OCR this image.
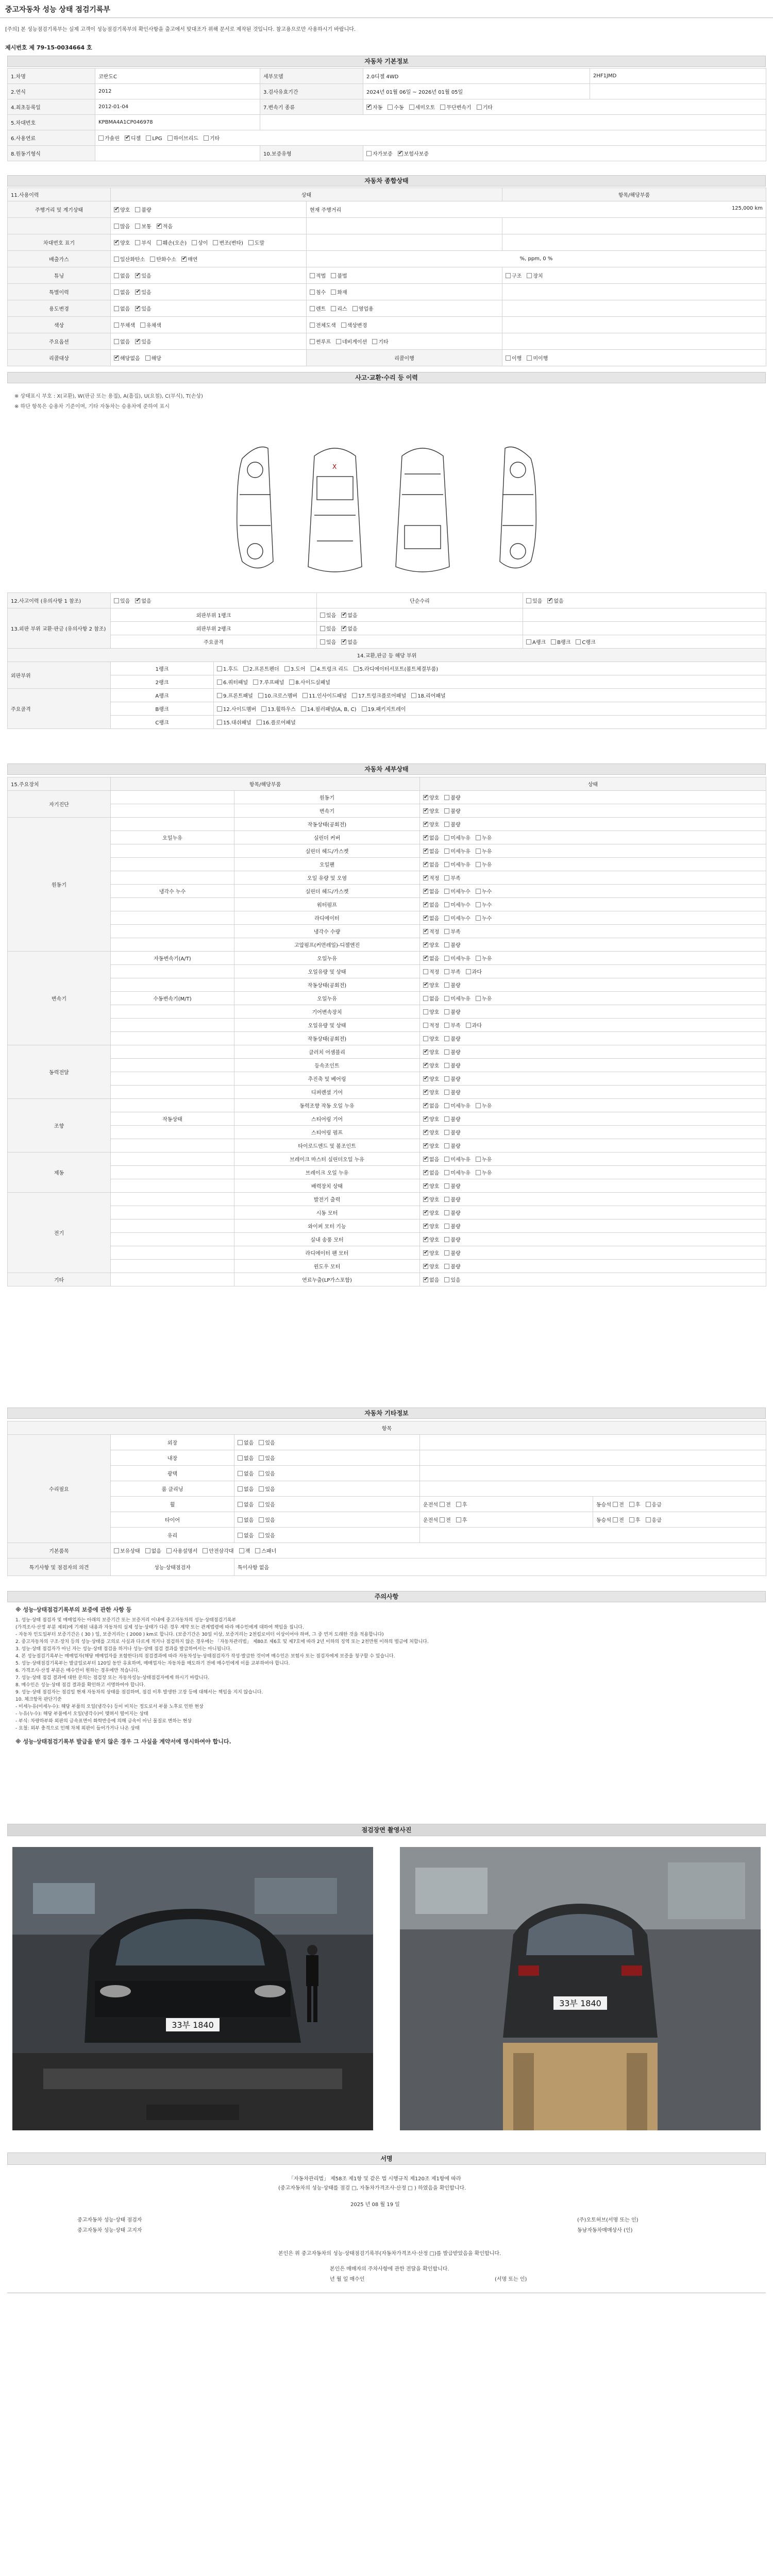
중고자동차 성능 상태 점검기록부
[주의] 본 성능점검기록부는 실제 고객이 성능점검기록부의 확인사항을 출고에서 맞대조가 위해 문서로 제작된 것입니다. 참고용으로만 사용하시기 바랍니다.
제시번호 제 79-15-0034664 호
자동차 기본정보
1.차명	코란도C	세부모델	2.0디젤 4WD	2HF1JMD
2.연식	2012	3.검사유효기간	2024년 01월 06일 ~ 2026년 01월 05일	
4.최초등록일	2012-01-04	7.변속기 종류	✔자동 수동 세미오토 무단변속기 기타
5.차대번호	KPBMA4A1CP046978			
6.사용연료	가솔린 ✔ 디젤 LPG 하이브리드 기타
8.원동기형식		10.보증유형	자가보증 ✔ 보험사보증
자동차 종합상태
11.사용이력	상태		항목/해당부품
주행거리 및 계기상태	✔양호 불량	현재 주행거리 125,000 km	

	많음 보통 ✔ 적음		
차대번호 표기	✔양호 부식 훼손(오손) 상이 변조(변타) 도말		
배출가스	일산화탄소 탄화수소 ✔ 매연	%, ppm, 0 %	
튜닝	없음 ✔ 있음	적법 불법	구조 장치
특별이력	없음 ✔ 있음	침수 화재	
용도변경	없음 ✔ 있음	렌트 리스 영업용	
색상	무채색 유채색	전체도색 색상변경	
주요옵션	없음 ✔ 있음	썬루프 네비게이션 기타	
리콜대상	✔해당없음 해당	리콜이행	이행 미이행
사고·교환·수리 등 이력
※ 상태표시 부호 : X(교환), W(판금 또는 용접), A(흠집), U(요철), C(부식), T(손상)
※ 하단 항목은 승용차 기준이며, 기타 자동차는 승용차에 준하여 표시
X
12.사고이력 (유의사항 1 참조)	있음 ✔ 없음		단순수리	있음 ✔ 없음
13.외판 부위 교환·판금 (유의사항 2 참조)	외판부위 1랭크		있음 ✔ 없음	
	외판부위 2랭크		있음 ✔ 없음	
	주요골격		있음 ✔ 없음	A랭크 B랭크 C랭크
14.교환,판금 등 해당 부위				
외판부위	1랭크	1.후드 2.프론트펜더 3.도어 4.트렁크 리드 5.라디에이터서포트(볼트체결부품)		
	2랭크	6.쿼터패널 7.루프패널 8.사이드실패널		
주요골격	A랭크	9.프론트패널 10.크로스멤버 11.인사이드패널 17.트렁크플로어패널 18.리어패널		
	B랭크	12.사이드멤버 13.휠하우스 14.필러패널(A, B, C) 19.패키지트레이		
	C랭크	15.대쉬패널 16.플로어패널		
자동차 세부상태
15.주요장치	항목/해당부품		상태
자기진단		원동기	✔양호 불량
		변속기	✔양호 불량
원동기		작동상태(공회전)	✔양호 불량
	오일누유	실린더 커버	✔없음 미세누유 누유
		실린더 헤드/가스켓	✔없음 미세누유 누유
		오일팬	✔없음 미세누유 누유
		오일 유량 및 오염	✔적정 부족
	냉각수 누수	실린더 헤드/가스켓	✔없음 미세누수 누수
		워터펌프	✔없음 미세누수 누수
		라디에이터	✔없음 미세누수 누수
		냉각수 수량	✔적정 부족
		고압펌프(커먼레일)-디젤엔진	✔양호 불량
변속기	자동변속기(A/T)	오일누유	✔없음 미세누유 누유
		오일유량 및 상태	적정 부족 과다
		작동상태(공회전)	✔양호 불량
	수동변속기(M/T)	오일누유	없음 미세누유 누유
		기어변속장치	양호 불량
		오일유량 및 상태	적정 부족 과다
		작동상태(공회전)	양호 불량
동력전달		클러치 어셈블리	✔양호 불량
		등속조인트	✔양호 불량
		추진축 및 베어링	✔양호 불량
		디퍼렌셜 기어	✔양호 불량
조향		동력조향 작동 오일 누유	✔없음 미세누유 누유
	작동상태	스티어링 기어	✔양호 불량
		스티어링 펌프	✔양호 불량
		타이로드엔드 및 볼조인트	✔양호 불량
제동		브레이크 마스터 실린더오일 누유	✔없음 미세누유 누유
		브레이크 오일 누유	✔없음 미세누유 누유
		배력장치 상태	✔양호 불량
전기		발전기 출력	✔양호 불량
		시동 모터	✔양호 불량
		와이퍼 모터 기능	✔양호 불량
		실내 송풍 모터	✔양호 불량
		라디에이터 팬 모터	✔양호 불량
		윈도우 모터	✔양호 불량
기타		연료누출(LP가스포함)	✔없음 있음
자동차 기타정보
항목				
수리필요	외장	없음 있음		
	내장	없음 있음		
	광택	없음 있음		
	룸 클리닝	없음 있음		
	휠	없음 있음	운전석 전 후	동승석 전 후 응급
	타이어	없음 있음	운전석 전 후	동승석 전 후 응급
	유리	없음 있음		
기본품목	보유상태 없음 사용설명서 안전삼각대 잭 스패너			
특기사항 및 점검자의 의견	성능·상태점검자	특이사항 없음		
주의사항
※ 성능·상태점검기록부의 보증에 관한 사항 등
1. 성능·상태 점검자 및 매매업자는 아래의 보증기간 또는 보증거리 이내에 중고자동차의 성능·상태점검기록부
(가격조사·산정 부분 제외)에 기재된 내용과 자동차의 실제 성능·상태가 다른 경우 계약 또는 관계법령에 따라 매수인에게 대하여 책임을 집니다.
- 자동차 인도일부터 보증기간은 ( 30 ) 일, 보증거리는 ( 2000 ) km로 합니다. (보증기간은 30일 이상, 보증거리는 2천킬로미터 이상이어야 하며, 그 중 먼저 도래한 것을 적용합니다)
2. 중고자동차의 구조·장치 등의 성능·상태를 고의로 사실과 다르게 적거나 점검하지 않은 경우에는 「자동차관리법」 제80조 제6호 및 제7호에 따라 2년 이하의 징역 또는 2천만원 이하의 벌금에 처합니다.
3. 성능·상태 점검자가 아닌 자는 성능·상태 점검을 하거나 성능·상태 점검 결과를 발급하여서는 아니됩니다.
4. 본 성능점검기록부는 매매업자(해당 매매업자를 포함한다)의 점검결과에 따라 자동차성능·상태점검자가 작성·발급한 것이며 매수인은 보험사 또는 점검자에게 보증을 청구할 수 있습니다.
5. 성능·상태점검기록부는 발급일로부터 120일 동안 유효하며, 매매업자는 자동차를 매도하기 전에 매수인에게 이를 교부하여야 합니다.
6. 가격조사·산정 부분은 매수인이 원하는 경우에만 적습니다.
7. 성능·상태 점검 결과에 대한 문의는 점검장 또는 자동차성능·상태점검자에게 하시기 바랍니다.
8. 매수인은 성능·상태 점검 결과를 확인하고 서명하여야 합니다.
9. 성능·상태 점검자는 점검일 현재 자동차의 상태를 점검하며, 점검 이후 발생한 고장 등에 대해서는 책임을 지지 않습니다.
10. 체크항목 판단기준
- 미세누유(미세누수): 해당 부품의 오일(냉각수) 등이 비치는 정도로서 부품 노후로 인한 현상
- 누유(누수): 해당 부품에서 오일(냉각수)이 맺혀서 떨어지는 상태
- 부식: 차량하부와 외판의 금속표면이 화학반응에 의해 금속이 아닌 물질로 변하는 현상
- 요철: 외부 충격으로 인해 차체 외판이 들어가거나 나온 상태
※ 성능·상태점검기록부 발급을 받지 않은 경우 그 사실을 계약서에 명시하여야 합니다.
점검장면 촬영사진
33부 1840
33부 1840
서명
「자동차관리법」 제58조 제1항 및 같은 법 시행규칙 제120조 제1항에 따라
(중고자동차의 성능·상태를 점검 □, 자동차가격조사·산정 □ ) 하였음을 확인합니다.
2025 년 08 월 19 일
중고자동차 성능·상태 점검자
중고자동차 성능·상태 고지자
(주)오토허브(서명 또는 인)
동남자동차매매상사 (인)
본인은 위 중고자동차의 성능·상태점검기록부(자동차가격조사·산정 □)를 발급받았음을 확인합니다.
본인은 매매자의 주차사항에 관한 전달을 확인합니다.
년 월 일 매수인	(서명 또는 인)
